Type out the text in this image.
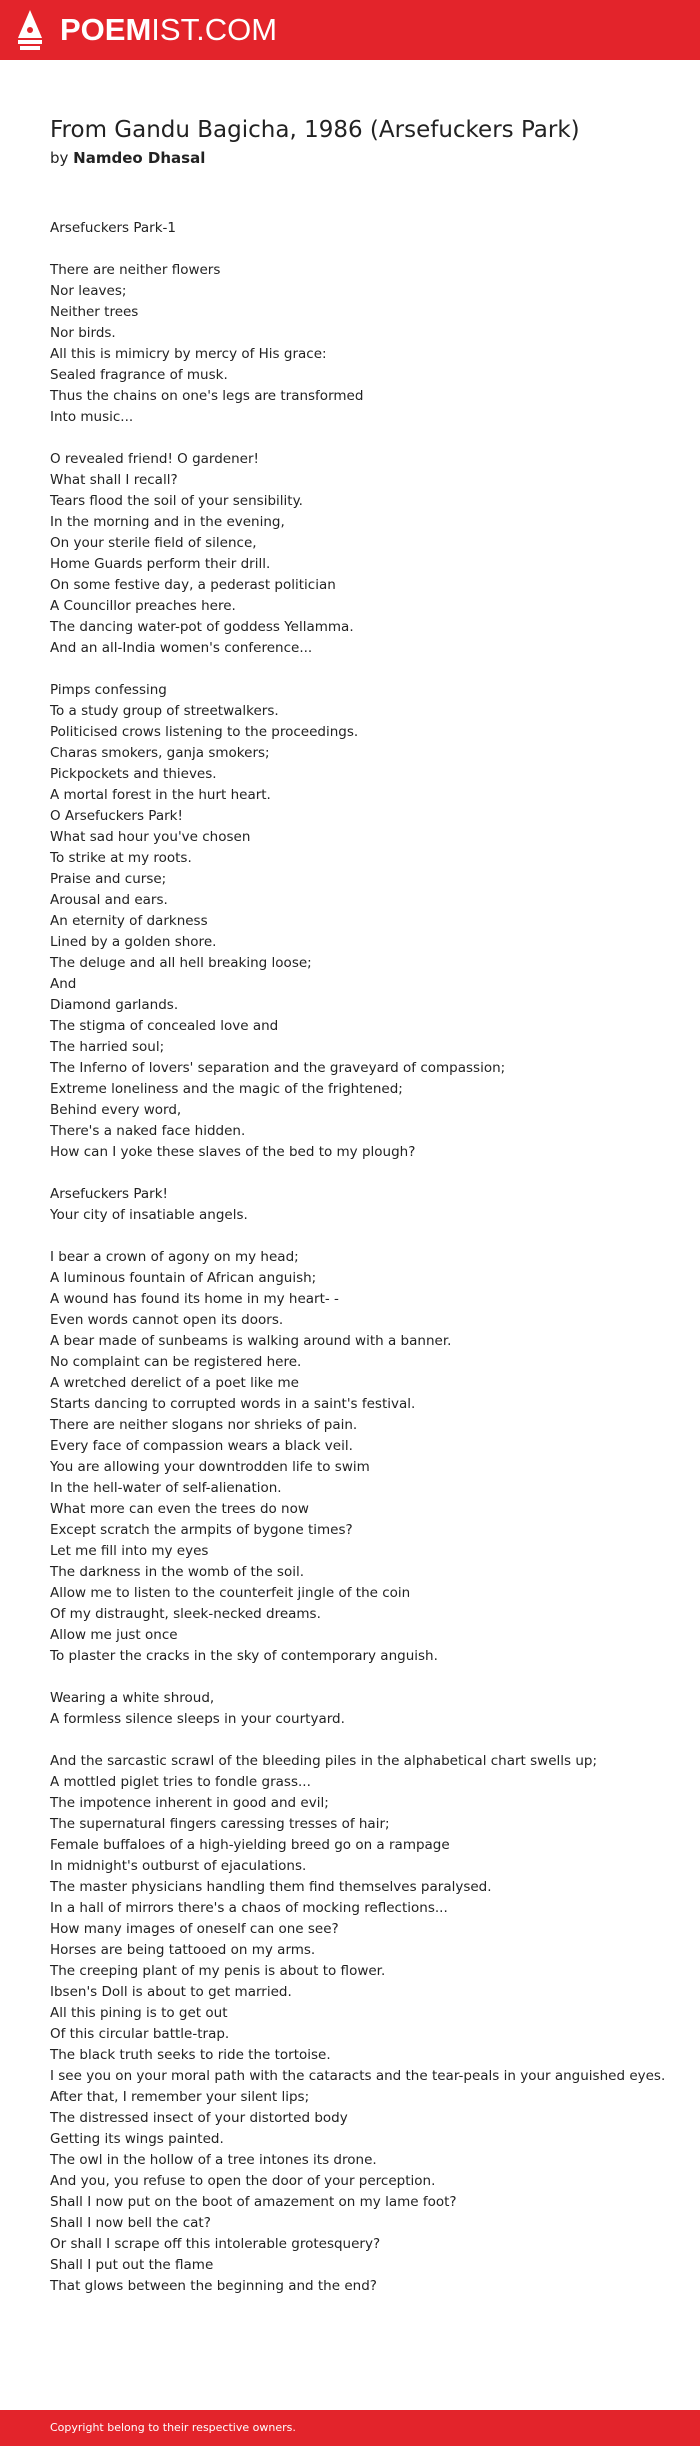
POEMIST.COM
From Gandu Bagicha, 1986 (Arsefuckers Park)
by Namdeo Dhasal
Arsefuckers Park-1
There are neither flowers
Nor leaves;
Neither trees
Nor birds.
All this is mimicry by mercy of His grace:
Sealed fragrance of musk.
Thus the chains on one's legs are transformed
Into music...
O revealed friend! O gardener!
What shall I recall?
Tears flood the soil of your sensibility.
In the morning and in the evening,
On your sterile field of silence,
Home Guards perform their drill.
On some festive day, a pederast politician
A Councillor preaches here.
The dancing water-pot of goddess Yellamma.
And an all-India women's conference...
Pimps confessing
To a study group of streetwalkers.
Politicised crows listening to the proceedings.
Charas smokers, ganja smokers;
Pickpockets and thieves.
A mortal forest in the hurt heart.
O Arsefuckers Park!
What sad hour you've chosen
To strike at my roots.
Praise and curse;
Arousal and ears.
An eternity of darkness
Lined by a golden shore.
The deluge and all hell breaking loose;
And
Diamond garlands.
The stigma of concealed love and
The harried soul;
The Inferno of lovers' separation and the graveyard of compassion;
Extreme loneliness and the magic of the frightened;
Behind every word,
There's a naked face hidden.
How can I yoke these slaves of the bed to my plough?
Arsefuckers Park!
Your city of insatiable angels.
I bear a crown of agony on my head;
A luminous fountain of African anguish;
A wound has found its home in my heart- -
Even words cannot open its doors.
A bear made of sunbeams is walking around with a banner.
No complaint can be registered here.
A wretched derelict of a poet like me
Starts dancing to corrupted words in a saint's festival.
There are neither slogans nor shrieks of pain.
Every face of compassion wears a black veil.
You are allowing your downtrodden life to swim
In the hell-water of self-alienation.
What more can even the trees do now
Except scratch the armpits of bygone times?
Let me fill into my eyes
The darkness in the womb of the soil.
Allow me to listen to the counterfeit jingle of the coin
Of my distraught, sleek-necked dreams.
Allow me just once
To plaster the cracks in the sky of contemporary anguish.
Wearing a white shroud,
A formless silence sleeps in your courtyard.
And the sarcastic scrawl of the bleeding piles in the alphabetical chart swells up;
A mottled piglet tries to fondle grass...
The impotence inherent in good and evil;
The supernatural fingers caressing tresses of hair;
Female buffaloes of a high-yielding breed go on a rampage
In midnight's outburst of ejaculations.
The master physicians handling them find themselves paralysed.
In a hall of mirrors there's a chaos of mocking reflections...
How many images of oneself can one see?
Horses are being tattooed on my arms.
The creeping plant of my penis is about to flower.
Ibsen's Doll is about to get married.
All this pining is to get out
Of this circular battle-trap.
The black truth seeks to ride the tortoise.
I see you on your moral path with the cataracts and the tear-peals in your anguished eyes.
After that, I remember your silent lips;
The distressed insect of your distorted body
Getting its wings painted.
The owl in the hollow of a tree intones its drone.
And you, you refuse to open the door of your perception.
Shall I now put on the boot of amazement on my lame foot?
Shall I now bell the cat?
Or shall I scrape off this intolerable grotesquery?
Shall I put out the flame
That glows between the beginning and the end?
Copyright belong to their respective owners.
